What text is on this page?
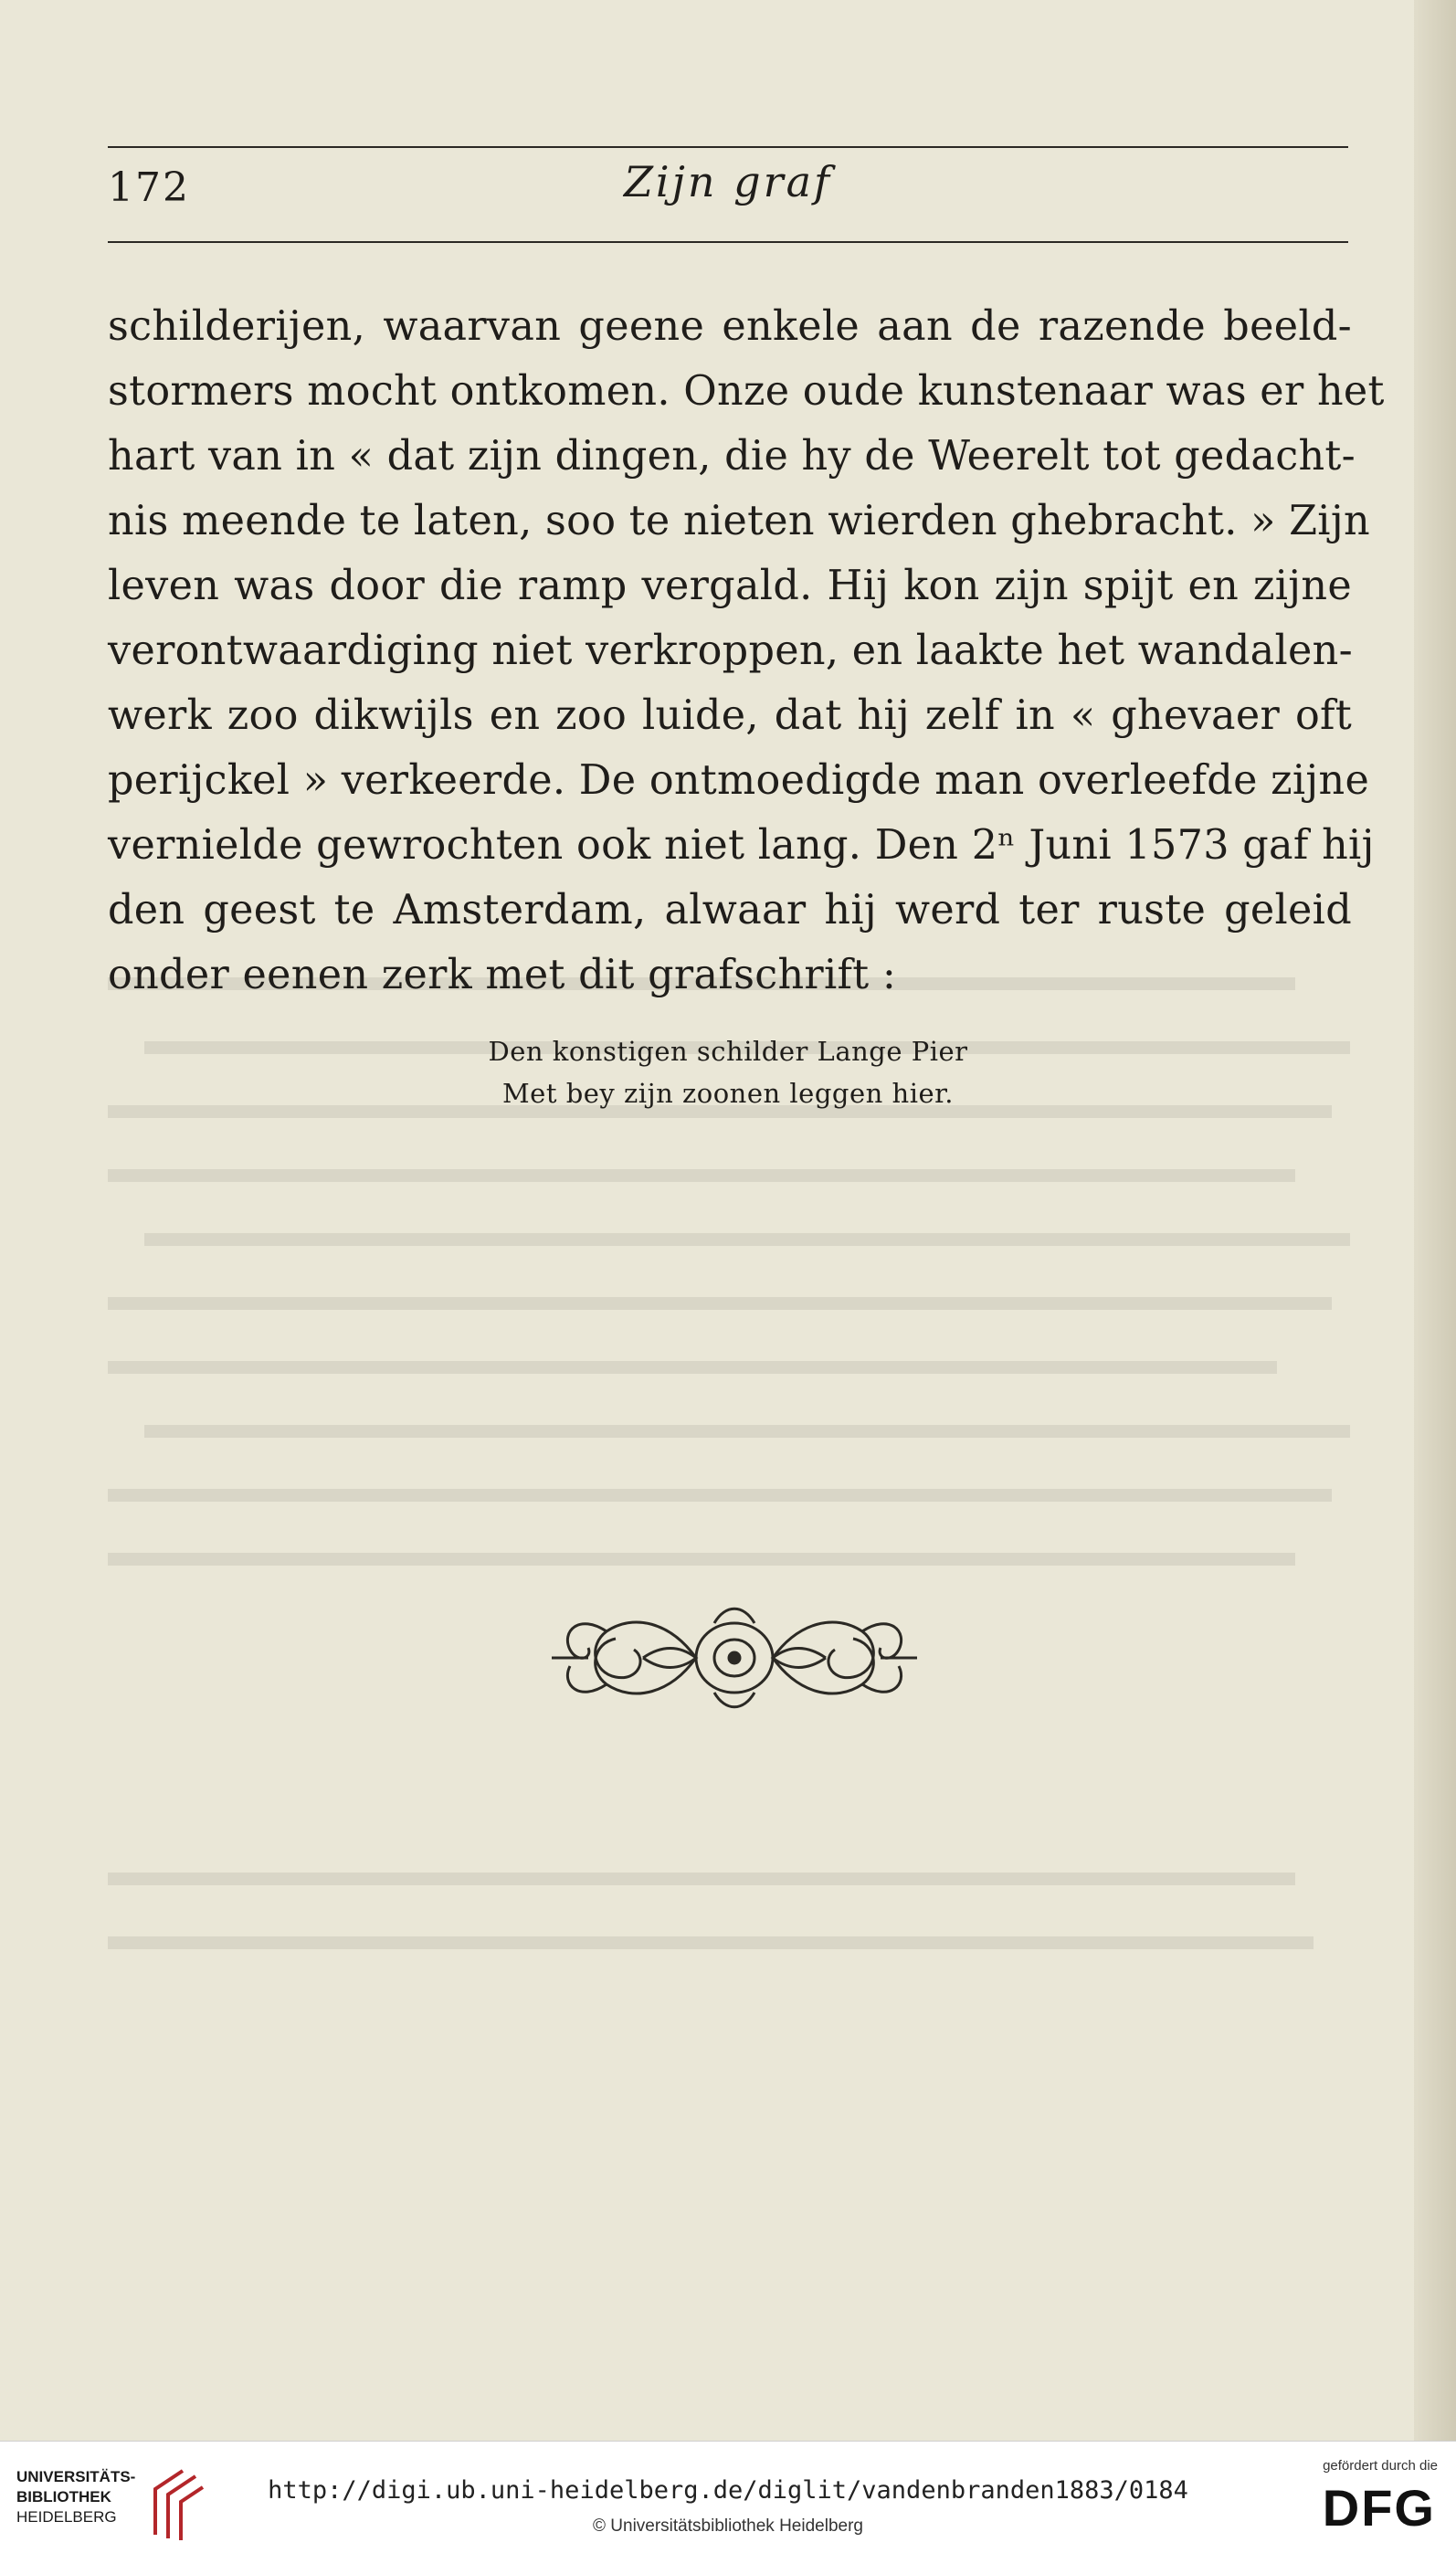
172	Zijn graf
schilderijen, waarvan geene enkele aan de razende beeld-
stormers mocht ontkomen. Onze oude kunstenaar was er het
hart van in « dat zijn dingen, die hy de Weerelt tot gedacht-
nis meende te laten, soo te nieten wierden ghebracht. » Zijn
leven was door die ramp vergald. Hij kon zijn spijt en zijne
verontwaardiging niet verkroppen, en laakte het wandalen-
werk zoo dikwijls en zoo luide, dat hij zelf in « ghevaer oft
perijckel » verkeerde. De ontmoedigde man overleefde zijne
vernielde gewrochten ook niet lang. Den 2ⁿ Juni 1573 gaf hij
den geest te Amsterdam, alwaar hij werd ter ruste geleid
onder eenen zerk met dit grafschrift :
Den konstigen schilder Lange Pier
Met bey zijn zoonen leggen hier.
UNIVERSITÄTS-
BIBLIOTHEK
HEIDELBERG
http://digi.ub.uni-heidelberg.de/diglit/vandenbranden1883/0184
© Universitätsbibliothek Heidelberg
gefördert durch die
DFG
